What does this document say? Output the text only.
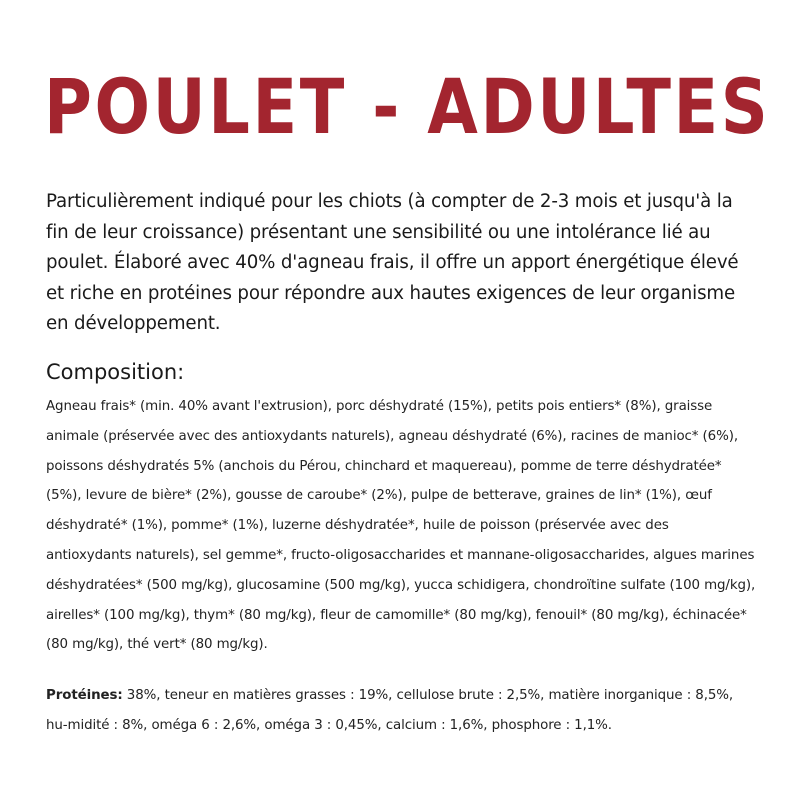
POULET - ADULTES

Particulièrement indiqué pour les chiots (à compter de 2-3 mois et jusqu'à la fin de leur croissance) présentant une sensibilité ou une intolérance lié au poulet. Élaboré avec 40% d'agneau frais, il offre un apport énergétique élevé et riche en protéines pour répondre aux hautes exigences de leur organisme en développement.

Composition:

Agneau frais* (min. 40% avant l'extrusion), porc déshydraté (15%), petits pois entiers* (8%), graisse animale (préservée avec des antioxydants naturels), agneau déshydraté (6%), racines de manioc* (6%), poissons déshydratés 5% (anchois du Pérou, chinchard et maquereau), pomme de terre déshydratée* (5%), levure de bière* (2%), gousse de caroube* (2%), pulpe de betterave, graines de lin* (1%), œuf déshydraté* (1%), pomme* (1%), luzerne déshydratée*, huile de poisson (préservée avec des antioxydants naturels), sel gemme*, fructo-oligosaccharides et mannane-oligosaccharides, algues marines déshydratées* (500 mg/kg), glucosamine (500 mg/kg), yucca schidigera, chondroïtine sulfate (100 mg/kg), airelles* (100 mg/kg), thym* (80 mg/kg), fleur de camomille* (80 mg/kg), fenouil* (80 mg/kg), échinacée* (80 mg/kg), thé vert* (80 mg/kg).

Protéines: 38%, teneur en matières grasses : 19%, cellulose brute : 2,5%, matière inorganique : 8,5%, hu-midité : 8%, oméga 6 : 2,6%, oméga 3 : 0,45%, calcium : 1,6%, phosphore : 1,1%.
